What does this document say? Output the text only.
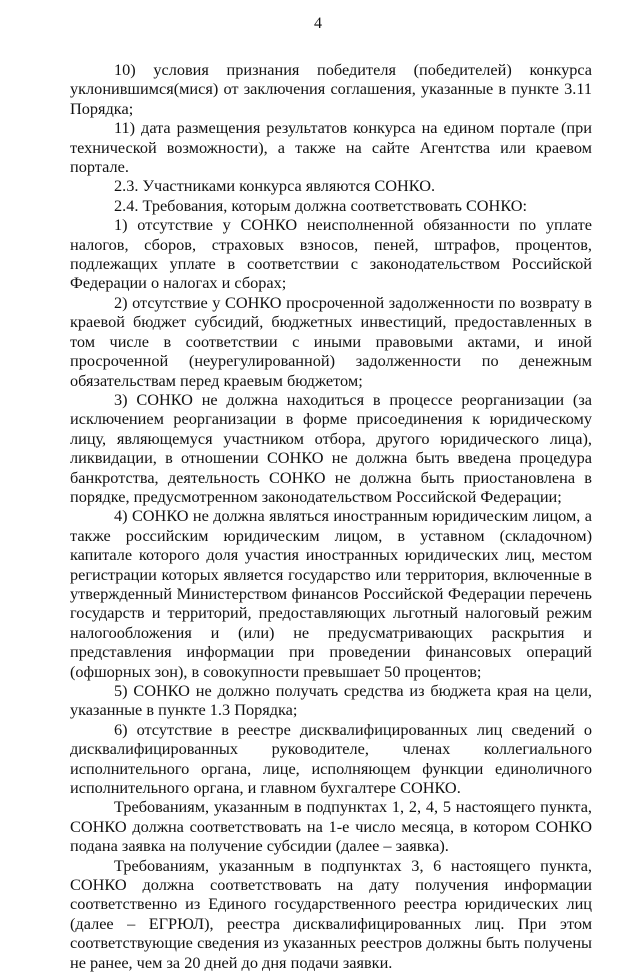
4

10) условия признания победителя (победителей) конкурса уклонившимся(мися) от заключения соглашения, указанные в пункте 3.11 Порядка;

11) дата размещения результатов конкурса на едином портале (при технической возможности), а также на сайте Агентства или краевом портале.

2.3. Участниками конкурса являются СОНКО.

2.4. Требования, которым должна соответствовать СОНКО:

1) отсутствие у СОНКО неисполненной обязанности по уплате налогов, сборов, страховых взносов, пеней, штрафов, процентов, подлежащих уплате в соответствии с законодательством Российской Федерации о налогах и сборах;

2) отсутствие у СОНКО просроченной задолженности по возврату в краевой бюджет субсидий, бюджетных инвестиций, предоставленных в том числе в соответствии с иными правовыми актами, и иной просроченной (неурегулированной) задолженности по денежным обязательствам перед краевым бюджетом;

3) СОНКО не должна находиться в процессе реорганизации (за исключением реорганизации в форме присоединения к юридическому лицу, являющемуся участником отбора, другого юридического лица), ликвидации, в отношении СОНКО не должна быть введена процедура банкротства, деятельность СОНКО не должна быть приостановлена в порядке, предусмотренном законодательством Российской Федерации;

4) СОНКО не должна являться иностранным юридическим лицом, а также российским юридическим лицом, в уставном (складочном) капитале которого доля участия иностранных юридических лиц, местом регистрации которых является государство или территория, включенные в утвержденный Министерством финансов Российской Федерации перечень государств и территорий, предоставляющих льготный налоговый режим налогообложения и (или) не предусматривающих раскрытия и представления информации при проведении финансовых операций (офшорных зон), в совокупности превышает 50 процентов;

5) СОНКО не должно получать средства из бюджета края на цели, указанные в пункте 1.3 Порядка;

6) отсутствие в реестре дисквалифицированных лиц сведений о дисквалифицированных руководителе, членах коллегиального исполнительного органа, лице, исполняющем функции единоличного исполнительного органа, и главном бухгалтере СОНКО.

Требованиям, указанным в подпунктах 1, 2, 4, 5 настоящего пункта, СОНКО должна соответствовать на 1-е число месяца, в котором СОНКО подана заявка на получение субсидии (далее – заявка).

Требованиям, указанным в подпунктах 3, 6 настоящего пункта, СОНКО должна соответствовать на дату получения информации соответственно из Единого государственного реестра юридических лиц (далее – ЕГРЮЛ), реестра дисквалифицированных лиц. При этом соответствующие сведения из указанных реестров должны быть получены не ранее, чем за 20 дней до дня подачи заявки.
